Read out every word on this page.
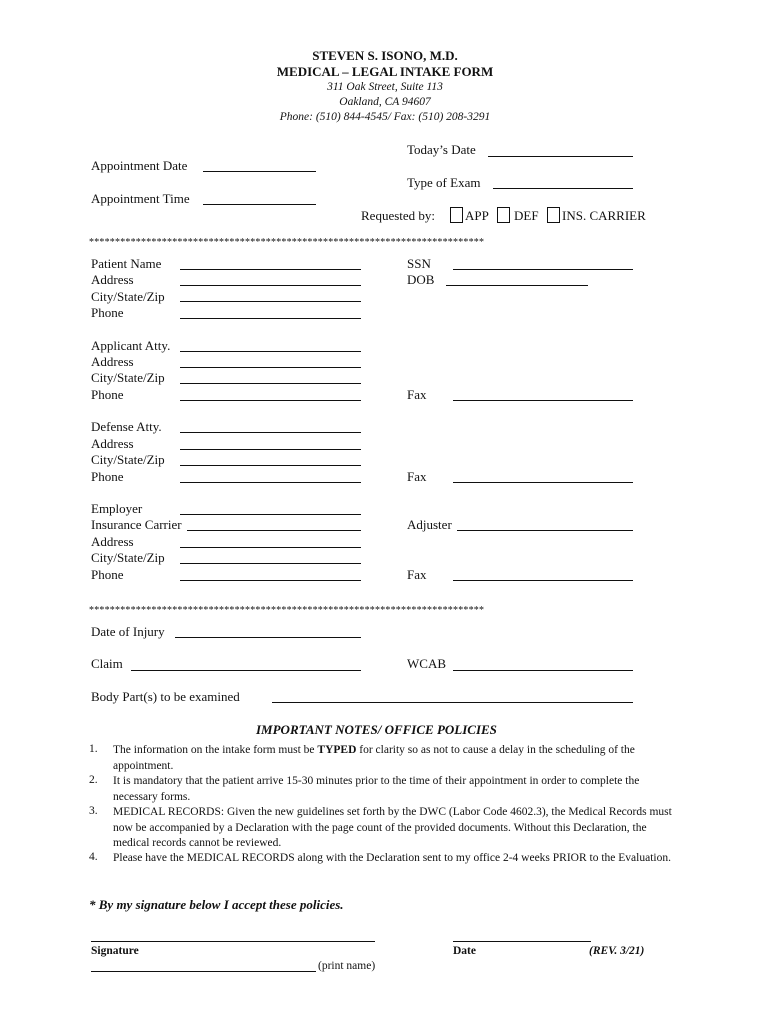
STEVEN S. ISONO, M.D.
MEDICAL – LEGAL INTAKE FORM
311 Oak Street, Suite 113
Oakland, CA 94607
Phone: (510) 844-4545/ Fax: (510) 208-3291
Today’s Date
Appointment Date
Type of Exam
Appointment Time
Requested by: APP DEF INS. CARRIER
****************************************************************************
Patient Name	SSN
Address	DOB
City/State/Zip
Phone
Applicant Atty.
Address
City/State/Zip
Phone	Fax
Defense Atty.
Address
City/State/Zip
Phone	Fax
Employer
Insurance Carrier	Adjuster
Address
City/State/Zip
Phone	Fax
****************************************************************************
Date of Injury
Claim	WCAB
Body Part(s) to be examined
IMPORTANT NOTES/ OFFICE POLICIES
1. The information on the intake form must be TYPED for clarity so as not to cause a delay in the scheduling of the appointment.
2. It is mandatory that the patient arrive 15-30 minutes prior to the time of their appointment in order to complete the necessary forms.
3. MEDICAL RECORDS: Given the new guidelines set forth by the DWC (Labor Code 4602.3), the Medical Records must now be accompanied by a Declaration with the page count of the provided documents. Without this Declaration, the medical records cannot be reviewed.
4. Please have the MEDICAL RECORDS along with the Declaration sent to my office 2-4 weeks PRIOR to the Evaluation.
* By my signature below I accept these policies.
Signature	Date	(REV. 3/21)
(print name)
